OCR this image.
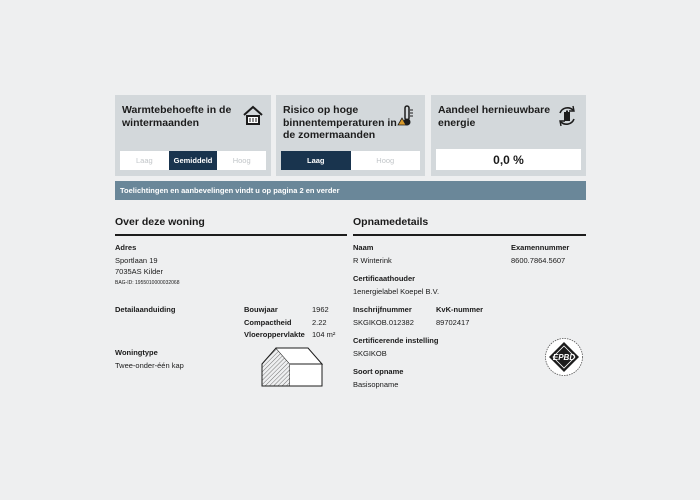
Warmtebehoefte in de wintermaanden
Laag	Gemiddeld	Hoog
Risico op hoge binnentemperaturen in de zomermaanden
Laag	Hoog
Aandeel hernieuwbare energie
0,0 %
Toelichtingen en aanbevelingen vindt u op pagina 2 en verder
Over deze woning
Adres
Sportlaan 19
7035AS Kilder
BAG-ID: 1955010000032068
Detailaanduiding	Bouwjaar	1962
Compactheid	2.22
Vloeroppervlakte 104 m²
Woningtype
Twee-onder-één kap
Opnamedetails
Naam
R Winterink
Examennummer
8600.7864.5607
Certificaathouder
1energielabel Koepel B.V.
Inschrijfnummer
SKGIKOB.012382
KvK-nummer
89702417
Certificerende instelling
SKGIKOB
Soort opname
Basisopname
EPBD
